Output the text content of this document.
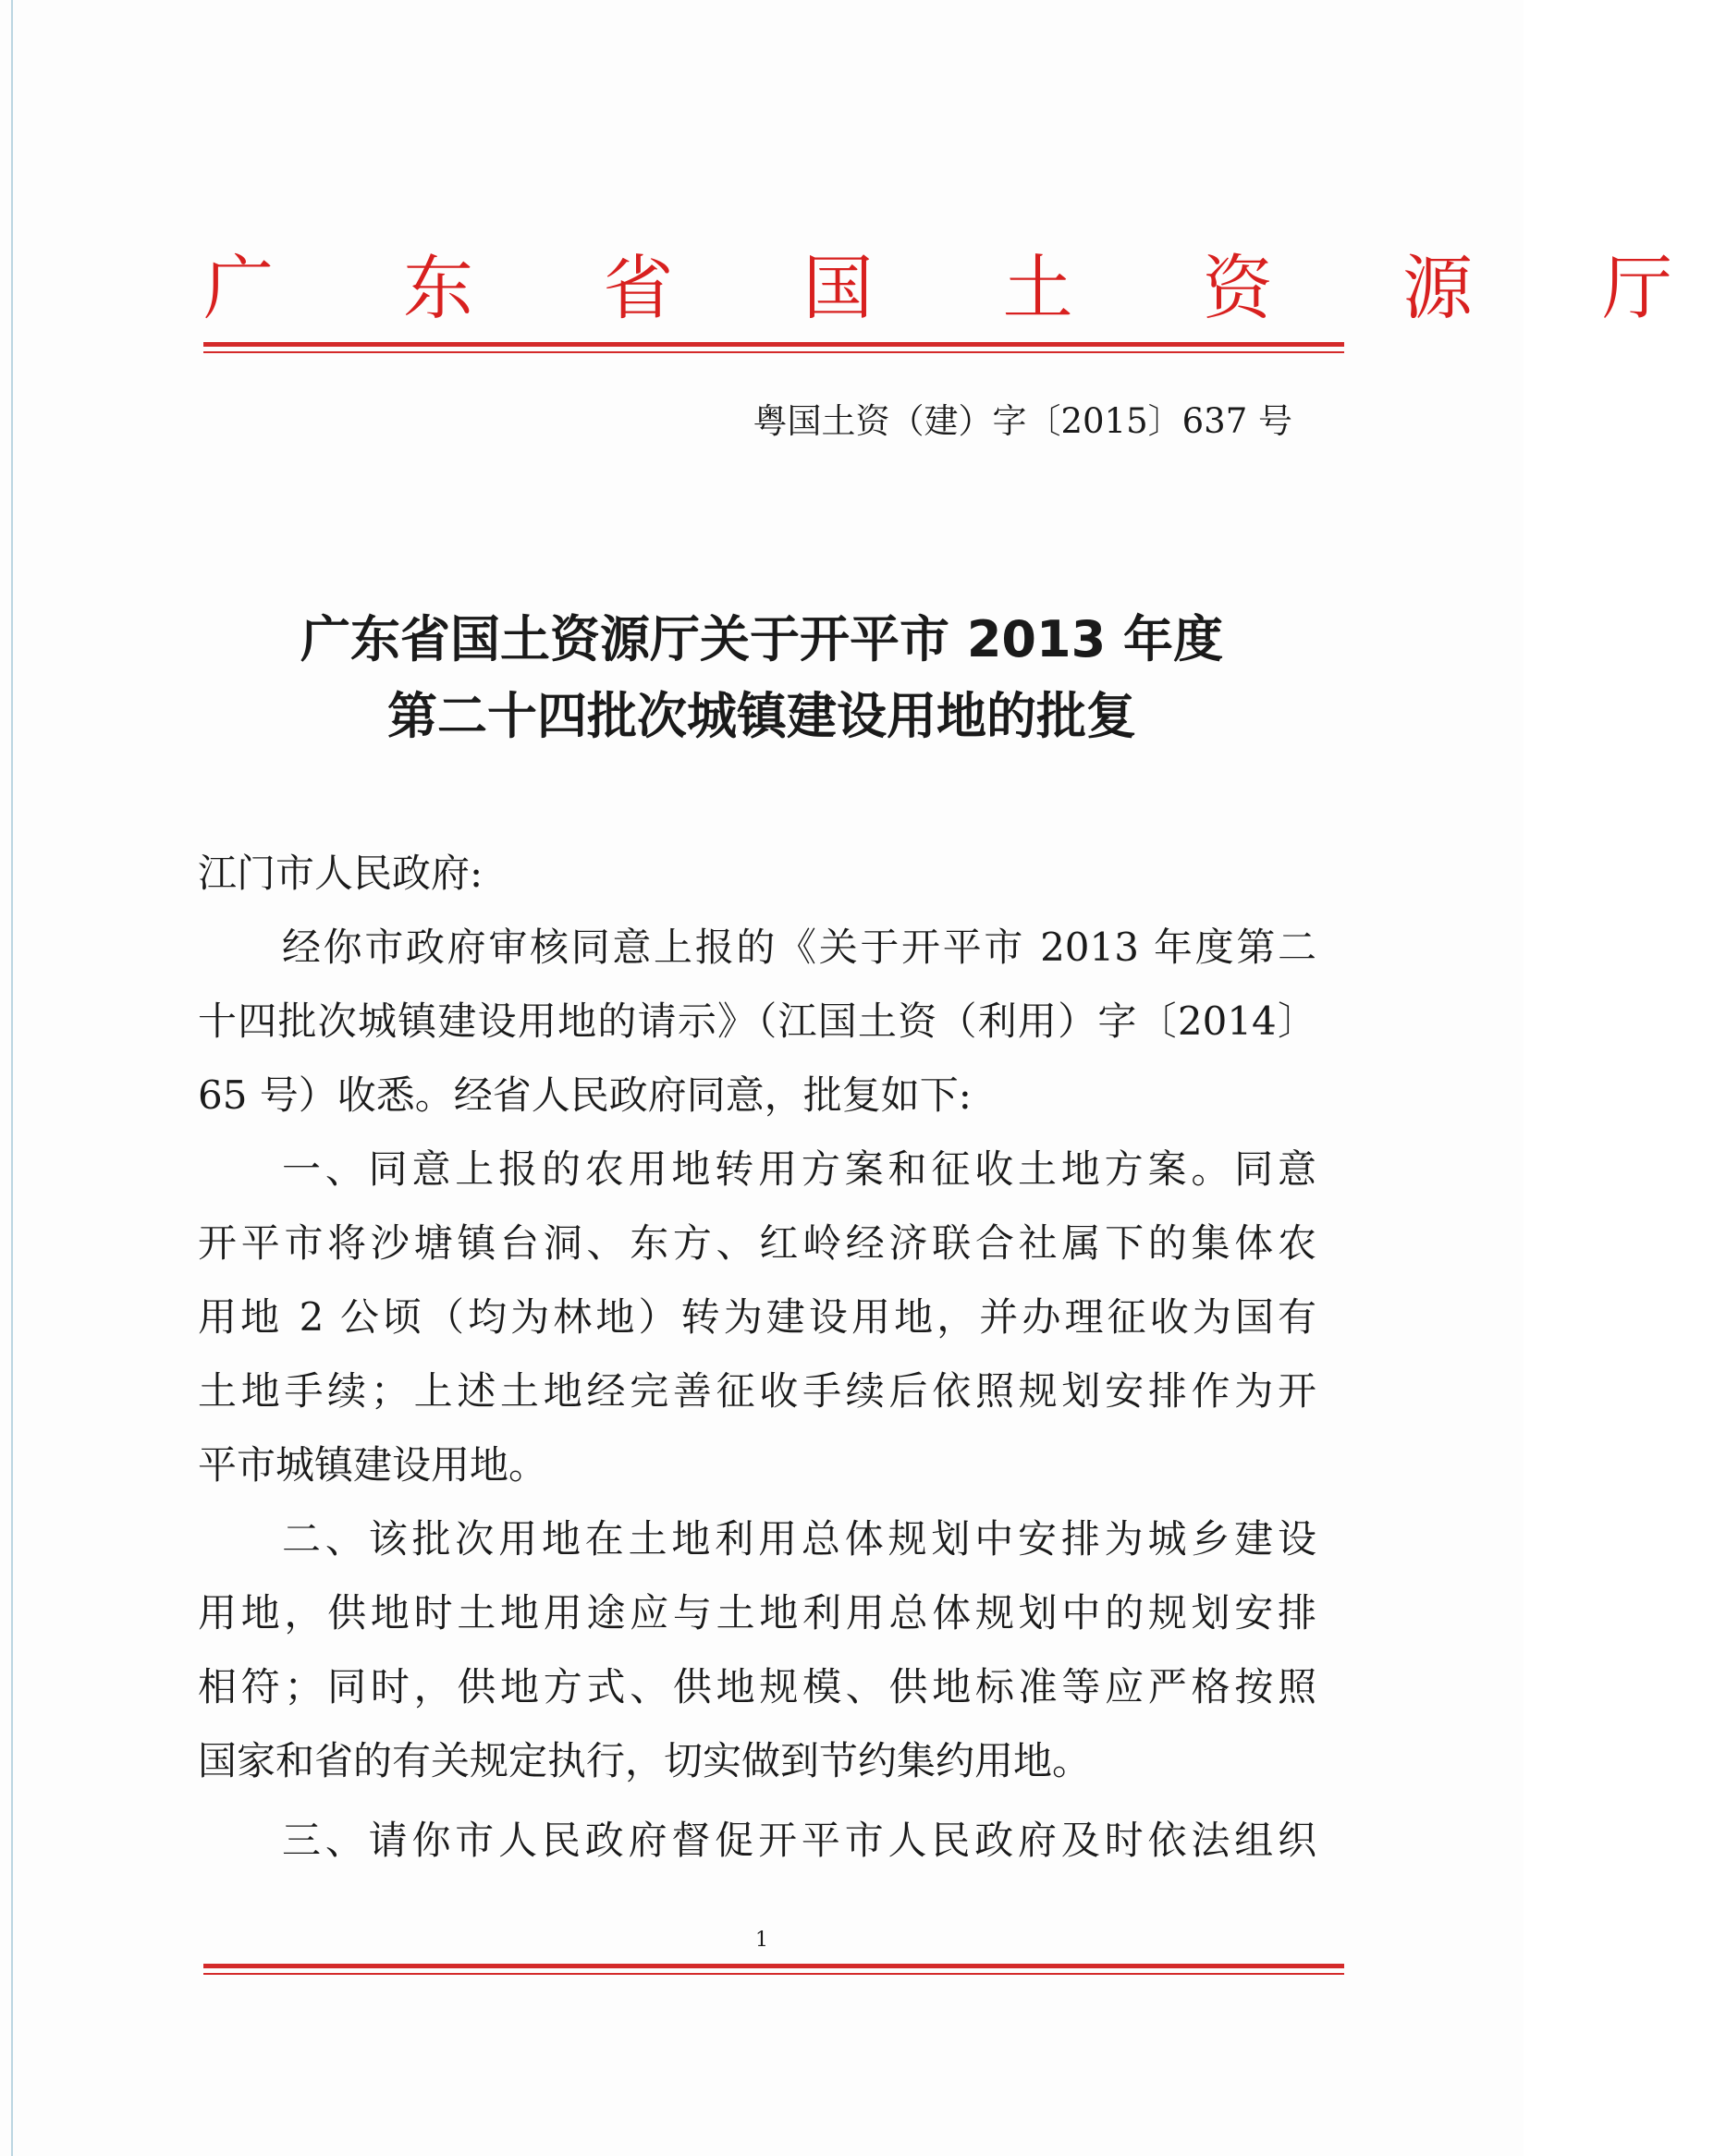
广 东 省 国 土 资 源 厅
粤国土资（建）字〔2015〕637 号
广东省国土资源厅关于开平市 2013 年度
第二十四批次城镇建设用地的批复
江门市人民政府:
经你市政府审核同意上报的《关于开平市 2013 年度第二
十四批次城镇建设用地的请示》（江国土资（利用）字〔2014〕
65 号）收悉。经省人民政府同意，批复如下:
一、同意上报的农用地转用方案和征收土地方案。同意
开平市将沙塘镇台洞、东方、红岭经济联合社属下的集体农
用地 2 公顷（均为林地）转为建设用地，并办理征收为国有
土地手续；上述土地经完善征收手续后依照规划安排作为开
平市城镇建设用地。
二、该批次用地在土地利用总体规划中安排为城乡建设
用地，供地时土地用途应与土地利用总体规划中的规划安排
相符；同时，供地方式、供地规模、供地标准等应严格按照
国家和省的有关规定执行，切实做到节约集约用地。
三、请你市人民政府督促开平市人民政府及时依法组织
1
